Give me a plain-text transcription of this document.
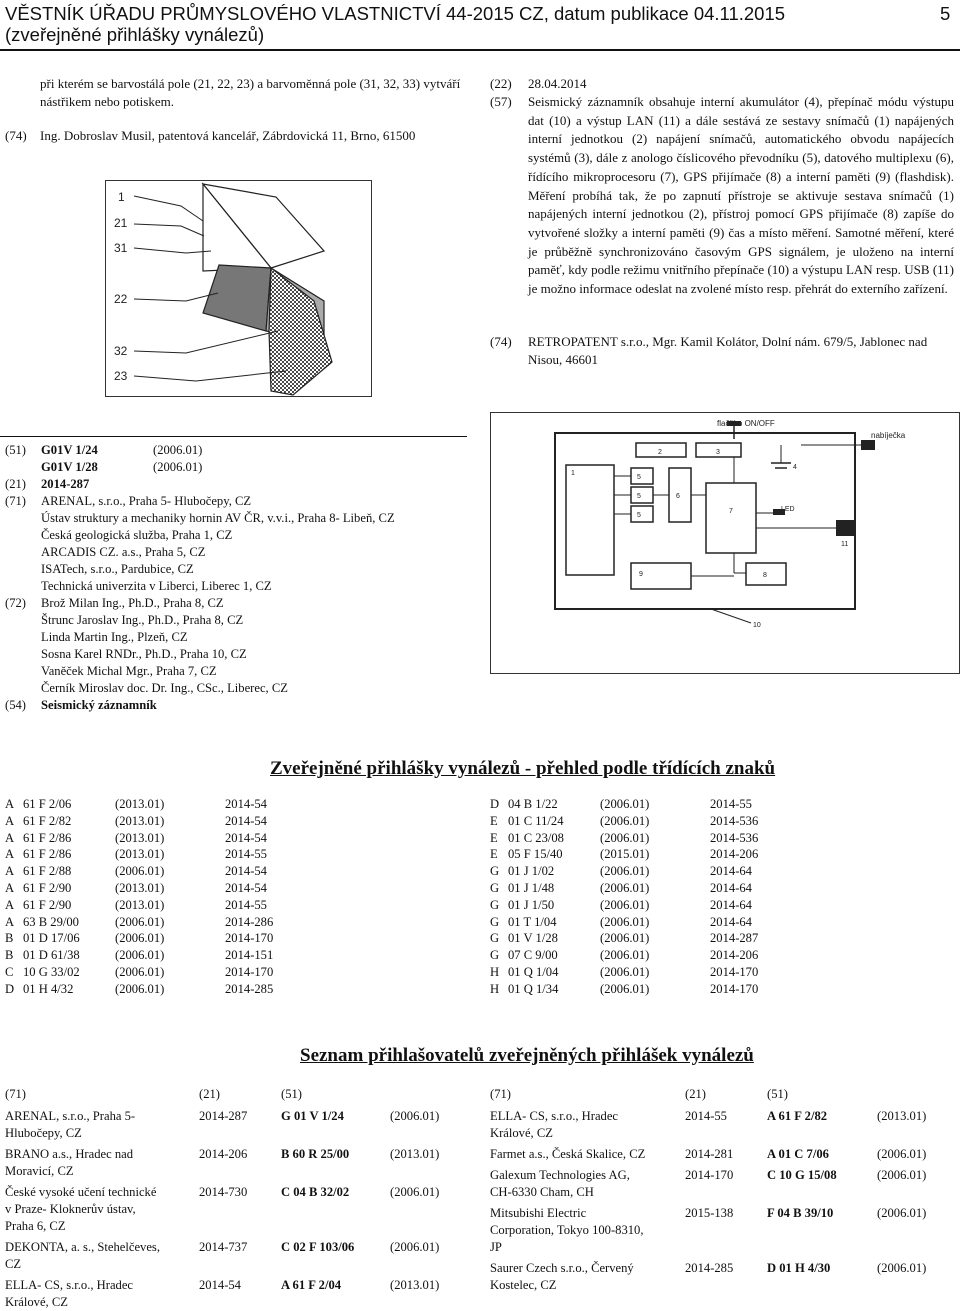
VĚSTNÍK ÚŘADU PRŮMYSLOVÉHO VLASTNICTVÍ 44-2015 CZ, datum publikace 04.11.2015
(zveřejněné přihlášky vynálezů)
5
při kterém se barvostálá pole (21, 22, 23) a barvoměnná pole (31, 32, 33) vytváří nástřikem nebo potiskem.
(74) Ing. Dobroslav Musil, patentová kancelář, Zábrdovická 11, Brno, 61500
1
21
31
22
32
23
(22) 28.04.2014
(57) Seismický záznamník obsahuje interní akumulátor (4), přepínač módu výstupu dat (10) a výstup LAN (11) a dále sestává ze sestavy snímačů (1) napájených interní jednotkou (2) napájení snímačů, automatického obvodu napájecích systémů (3), dále z anologo číslicového převodníku (5), datového multiplexu (6), řídícího mikroprocesoru (7), GPS přijímače (8) a interní paměti (9) (flashdisk). Měření probíhá tak, že po zapnutí přístroje se aktivuje sestava snímačů (1) napájených interní jednotkou (2), přístroj pomocí GPS přijímače (8) zapíše do vytvořené složky a interní paměti (9) čas a místo měření. Samotné měření, které je průběžně synchronizováno časovým GPS signálem, je uloženo na interní paměť, kdy podle režimu vnitřního přepínače (10) a výstupu LAN resp. USB (11) je možno informace odeslat na zvolené místo resp. přehrát do externího zařízení.
(74) RETROPATENT s.r.o., Mgr. Kamil Kolátor, Dolní nám. 679/5, Jablonec nad Nisou, 46601
(51) G01V 1/24	(2006.01)
G01V 1/28	(2006.01)
(21) 2014-287
(71) ARENAL, s.r.o., Praha 5- Hlubočepy, CZ
Ústav struktury a mechaniky hornin AV ČR, v.v.i., Praha 8- Libeň, CZ
Česká geologická služba, Praha 1, CZ
ARCADIS CZ. a.s., Praha 5, CZ
ISATech, s.r.o., Pardubice, CZ
Technická univerzita v Liberci, Liberec 1, CZ
(72) Brož Milan Ing., Ph.D., Praha 8, CZ
Štrunc Jaroslav Ing., Ph.D., Praha 8, CZ
Linda Martin Ing., Plzeň, CZ
Sosna Karel RNDr., Ph.D., Praha 10, CZ
Vaněček Michal Mgr., Praha 7, CZ
Černík Miroslav doc. Dr. Ing., CSc., Liberec, CZ
(54) Seismický záznamník
flačítko ON/OFF
2	3
4
nabíječka
1
5
5
5
6
7	LED
11
8
9
10
Zveřejněné přihlášky vynálezů - přehled podle třídících znaků
A 61 F 2/06	(2013.01)	2014-54
A 61 F 2/82	(2013.01)	2014-54
A 61 F 2/86	(2013.01)	2014-54
A 61 F 2/86	(2013.01)	2014-55
A 61 F 2/88	(2006.01)	2014-54
A 61 F 2/90	(2013.01)	2014-54
A 61 F 2/90	(2013.01)	2014-55
A 63 B 29/00	(2006.01)	2014-286
B 01 D 17/06	(2006.01)	2014-170
B 01 D 61/38	(2006.01)	2014-151
C 10 G 33/02	(2006.01)	2014-170
D 01 H 4/32	(2006.01)	2014-285
D 04 B 1/22	(2006.01)	2014-55
E 01 C 11/24	(2006.01)	2014-536
E 01 C 23/08	(2006.01)	2014-536
E 05 F 15/40	(2015.01)	2014-206
G 01 J 1/02	(2006.01)	2014-64
G 01 J 1/48	(2006.01)	2014-64
G 01 J 1/50	(2006.01)	2014-64
G 01 T 1/04	(2006.01)	2014-64
G 01 V 1/28	(2006.01)	2014-287
G 07 C 9/00	(2006.01)	2014-206
H 01 Q 1/04	(2006.01)	2014-170
H 01 Q 1/34	(2006.01)	2014-170
Seznam přihlašovatelů zveřejněných přihlášek vynálezů
(71)	(21)	(51)
ARENAL, s.r.o., Praha 5-
Hlubočepy, CZ
2014-287	G 01 V 1/24	(2006.01)
BRANO a.s., Hradec nad
Moravicí, CZ
2014-206	B 60 R 25/00	(2013.01)
České vysoké učení technické
v Praze- Kloknerův ústav,
Praha 6, CZ
2014-730	C 04 B 32/02	(2006.01)
DEKONTA, a. s., Stehelčeves,
CZ
2014-737	C 02 F 103/06	(2006.01)
ELLA- CS, s.r.o., Hradec
Králové, CZ
2014-54	A 61 F 2/04	(2013.01)
(71)	(21)	(51)
ELLA- CS, s.r.o., Hradec
Králové, CZ
2014-55	A 61 F 2/82	(2013.01)
Farmet a.s., Česká Skalice, CZ	2014-281	A 01 C 7/06	(2006.01)
Galexum Technologies AG,
CH-6330 Cham, CH
2014-170	C 10 G 15/08	(2006.01)
Mitsubishi Electric
Corporation, Tokyo 100-8310,
JP
2015-138	F 04 B 39/10	(2006.01)
Saurer Czech s.r.o., Červený
Kostelec, CZ
2014-285	D 01 H 4/30	(2006.01)
